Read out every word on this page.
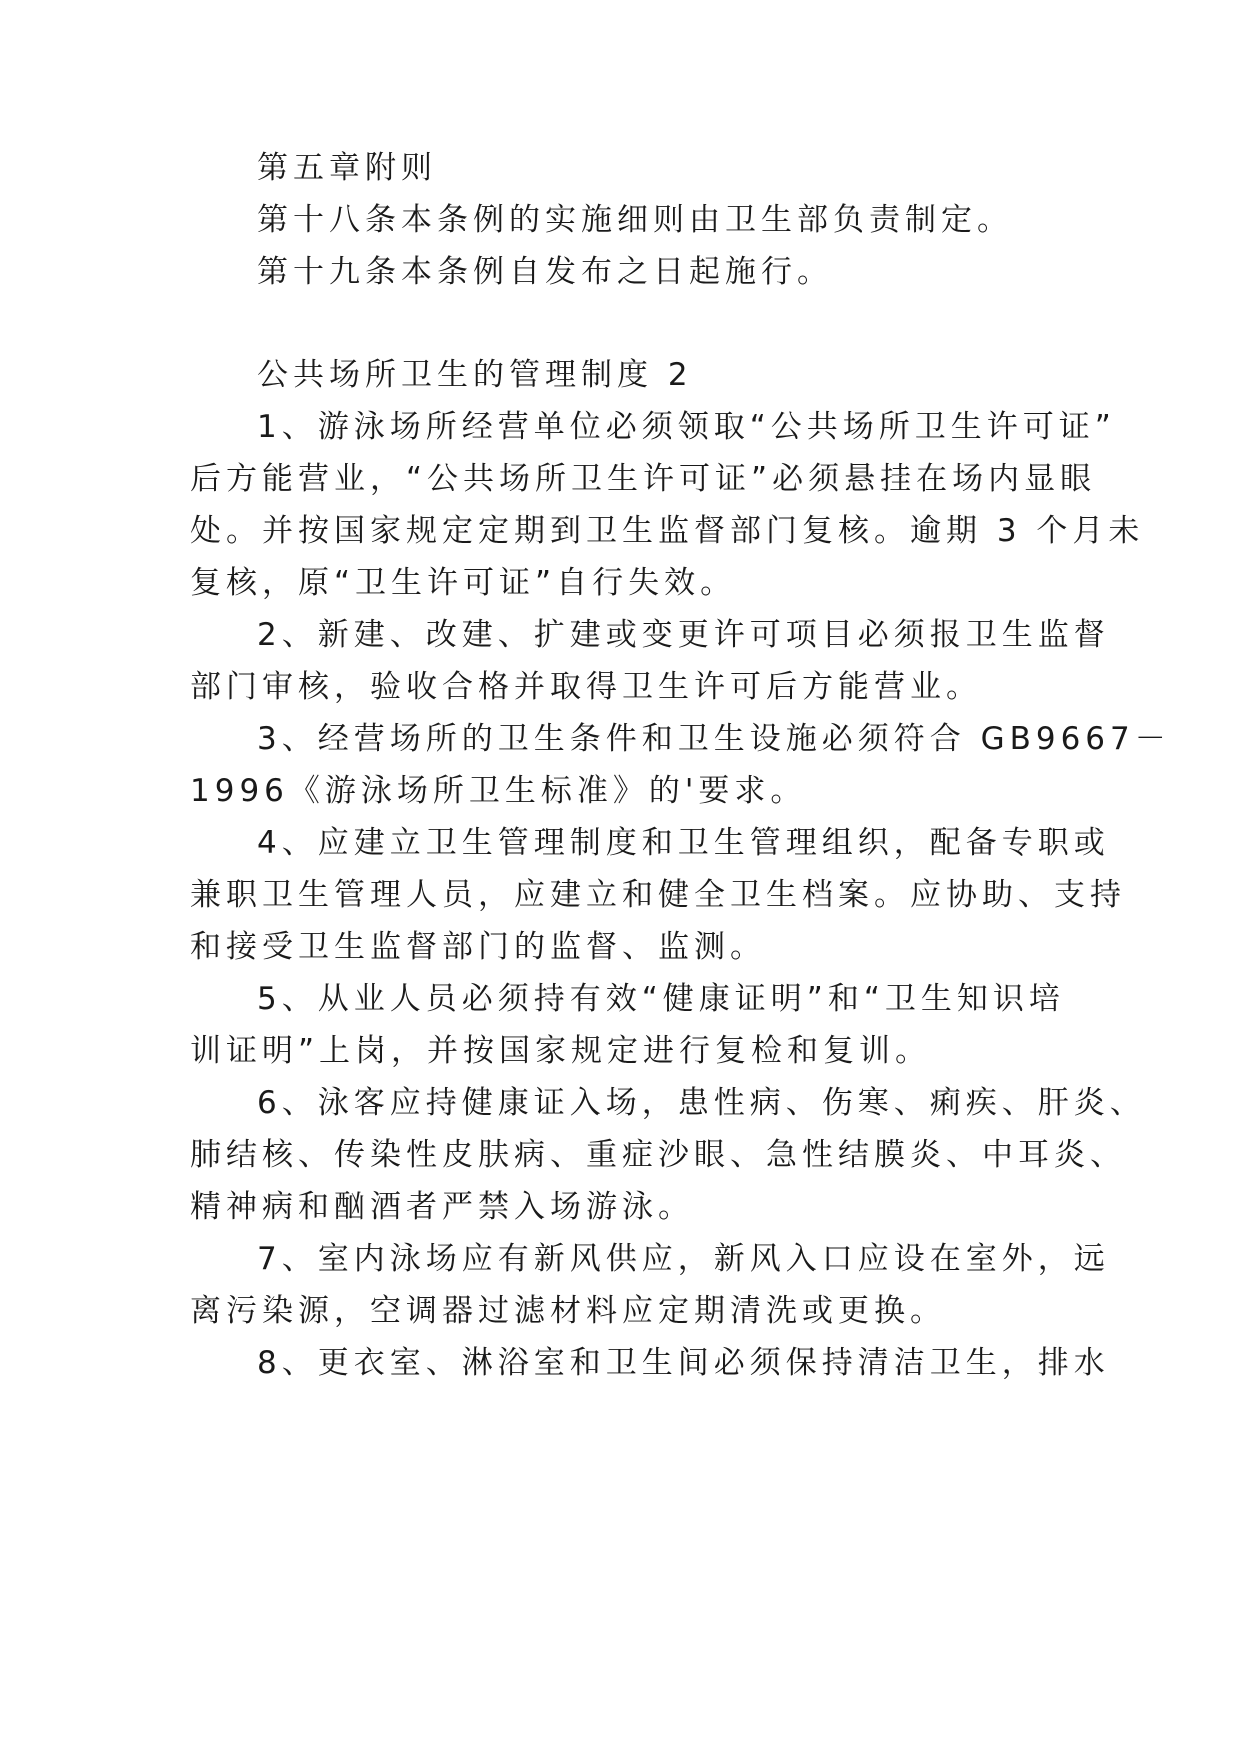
第五章附则
第十八条本条例的实施细则由卫生部负责制定。
第十九条本条例自发布之日起施行。
公共场所卫生的管理制度 2
1、游泳场所经营单位必须领取“公共场所卫生许可证”
后方能营业，“公共场所卫生许可证”必须悬挂在场内显眼
处。并按国家规定定期到卫生监督部门复核。逾期 3 个月未
复核，原“卫生许可证”自行失效。
2、新建、改建、扩建或变更许可项目必须报卫生监督
部门审核，验收合格并取得卫生许可后方能营业。
3、经营场所的卫生条件和卫生设施必须符合 GB9667－
1996《游泳场所卫生标准》的'要求。
4、应建立卫生管理制度和卫生管理组织，配备专职或
兼职卫生管理人员，应建立和健全卫生档案。应协助、支持
和接受卫生监督部门的监督、监测。
5、从业人员必须持有效“健康证明”和“卫生知识培
训证明”上岗，并按国家规定进行复检和复训。
6、泳客应持健康证入场，患性病、伤寒、痢疾、肝炎、
肺结核、传染性皮肤病、重症沙眼、急性结膜炎、中耳炎、
精神病和酗酒者严禁入场游泳。
7、室内泳场应有新风供应，新风入口应设在室外，远
离污染源，空调器过滤材料应定期清洗或更换。
8、更衣室、淋浴室和卫生间必须保持清洁卫生，排水
